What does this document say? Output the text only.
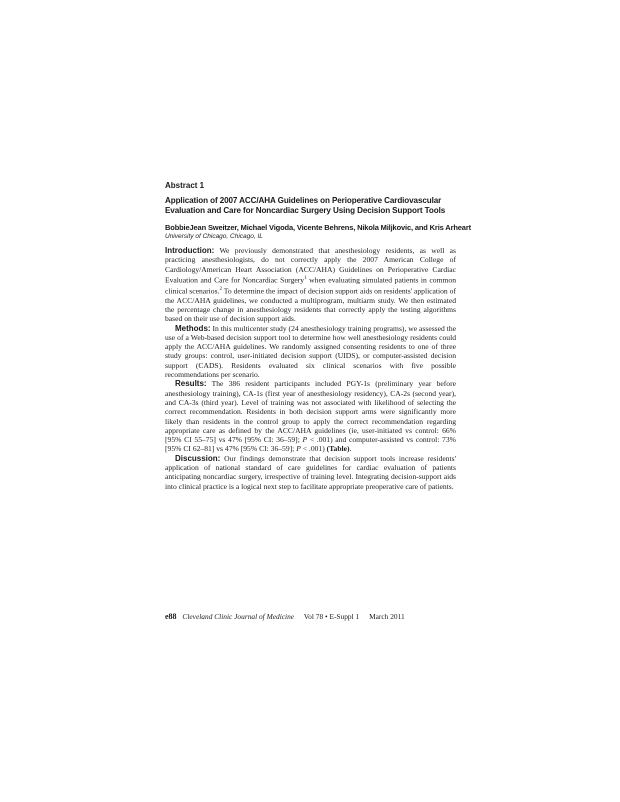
Abstract 1
Application of 2007 ACC/AHA Guidelines on Perioperative Cardiovascular Evaluation and Care for Noncardiac Surgery Using Decision Support Tools
BobbieJean Sweitzer, Michael Vigoda, Vicente Behrens, Nikola Miljkovic, and Kris Arheart
University of Chicago, Chicago, IL

Introduction: We previously demonstrated that anesthesiology residents, as well as practicing anesthesiologists, do not correctly apply the 2007 American College of Cardiology/American Heart Association (ACC/AHA) Guidelines on Perioperative Cardiac Evaluation and Care for Noncardiac Surgery$^1$ when evaluating simulated patients in common clinical scenarios.$^2$ To determine the impact of decision support aids on residents' application of the ACC/AHA guidelines, we conducted a multiprogram, multiarm study. We then estimated the percentage change in anesthesiology residents that correctly apply the testing algorithms based on their use of decision support aids.

Methods: In this multicenter study (24 anesthesiology training programs), we assessed the use of a Web-based decision support tool to determine how well anesthesiology residents could apply the ACC/AHA guidelines. We randomly assigned consenting residents to one of three study groups: control, user-initiated decision support (UIDS), or computer-assisted decision support (CADS). Residents evaluated six clinical scenarios with five possible recommendations per scenario.

Results: The 386 resident participants included PGY-1s (preliminary year before anesthesiology training), CA-1s (first year of anesthesiology residency), CA-2s (second year), and CA-3s (third year). Level of training was not associated with likelihood of selecting the correct recommendation. Residents in both decision support arms were significantly more likely than residents in the control group to apply the correct recommendation regarding appropriate care as defined by the ACC/AHA guidelines (ie, user-initiated vs control: 66% [95% CI 55–75] vs 47% [95% CI: 36–59]; P < .001) and computer-assisted vs control: 73% [95% CI 62–81] vs 47% [95% CI: 36–59]; P < .001) (Table).

Discussion: Our findings demonstrate that decision support tools increase residents' application of national standard of care guidelines for cardiac evaluation of patients anticipating noncardiac surgery, irrespective of training level. Integrating decision-support aids into clinical practice is a logical next step to facilitate appropriate preoperative care of patients.

e88 Cleveland Clinic Journal of Medicine Vol 78 • E-Suppl 1 March 2011
